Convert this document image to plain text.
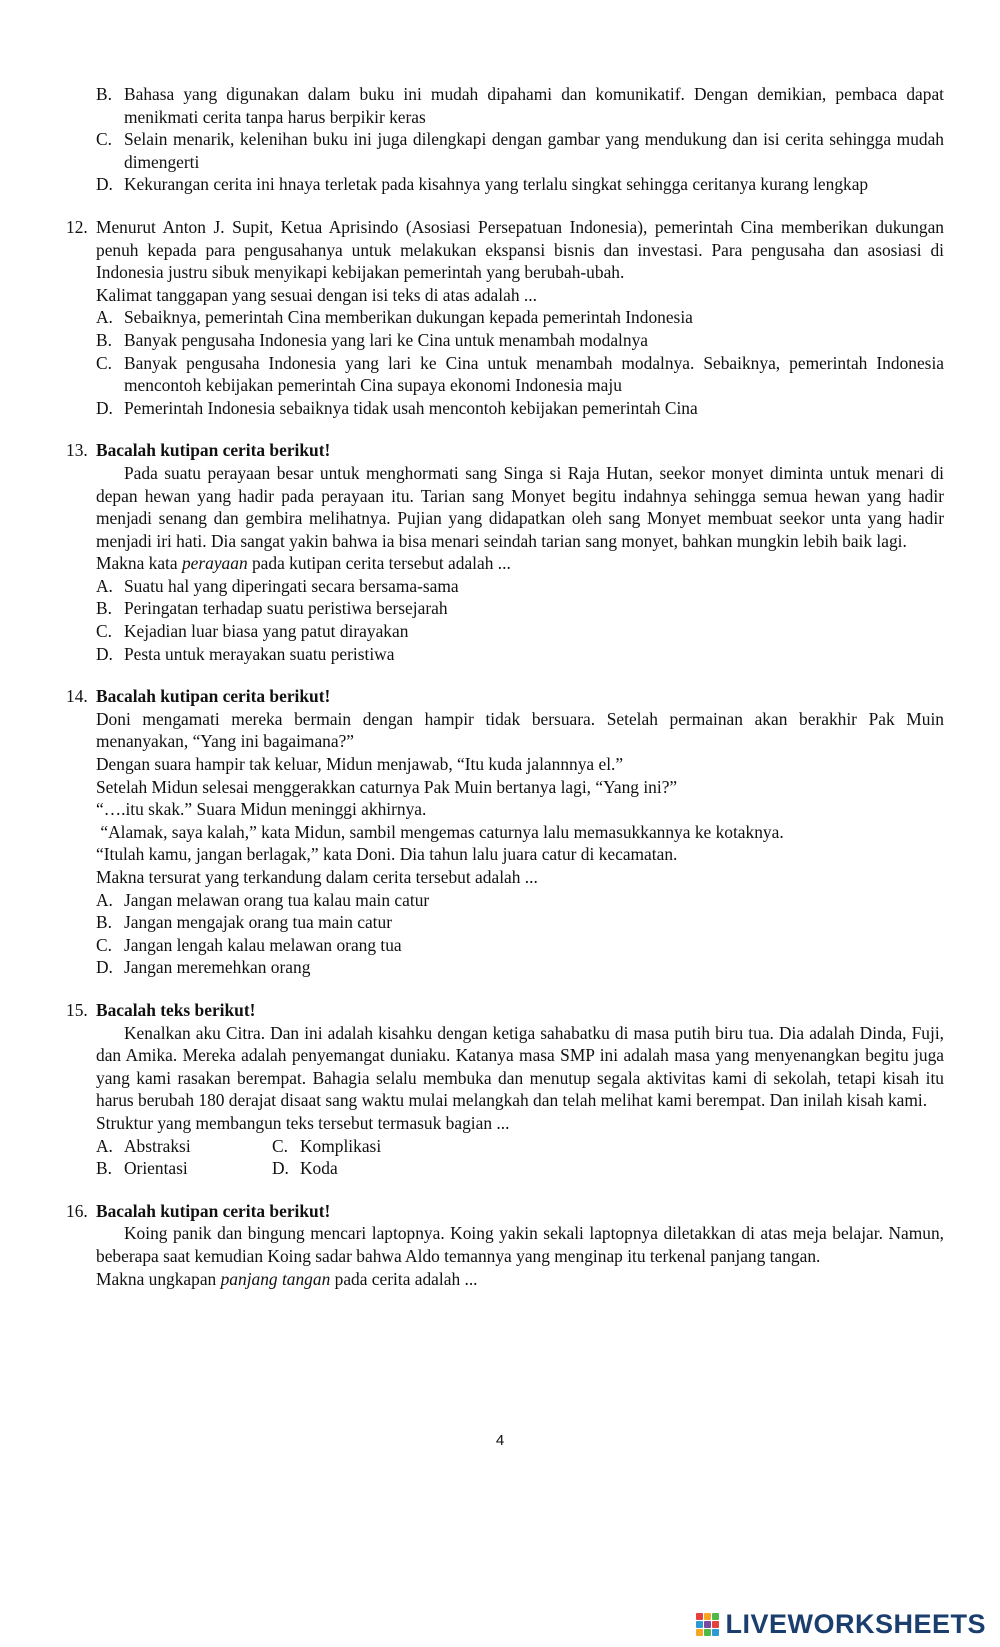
B. Bahasa yang digunakan dalam buku ini mudah dipahami dan komunikatif. Dengan demikian, pembaca dapat menikmati cerita tanpa harus berpikir keras
C. Selain menarik, kelenihan buku ini juga dilengkapi dengan gambar yang mendukung dan isi cerita sehingga mudah dimengerti
D. Kekurangan cerita ini hnaya terletak pada kisahnya yang terlalu singkat sehingga ceritanya kurang lengkap
12. Menurut Anton J. Supit, Ketua Aprisindo (Asosiasi Persepatuan Indonesia), pemerintah Cina memberikan dukungan penuh kepada para pengusahanya untuk melakukan ekspansi bisnis dan investasi. Para pengusaha dan asosiasi di Indonesia justru sibuk menyikapi kebijakan pemerintah yang berubah-ubah.
Kalimat tanggapan yang sesuai dengan isi teks di atas adalah ...
A. Sebaiknya, pemerintah Cina memberikan dukungan kepada pemerintah Indonesia
B. Banyak pengusaha Indonesia yang lari ke Cina untuk menambah modalnya
C. Banyak pengusaha Indonesia yang lari ke Cina untuk menambah modalnya. Sebaiknya, pemerintah Indonesia mencontoh kebijakan pemerintah Cina supaya ekonomi Indonesia maju
D. Pemerintah Indonesia sebaiknya tidak usah mencontoh kebijakan pemerintah Cina
13. Bacalah kutipan cerita berikut!
Pada suatu perayaan besar untuk menghormati sang Singa si Raja Hutan, seekor monyet diminta untuk menari di depan hewan yang hadir pada perayaan itu. Tarian sang Monyet begitu indahnya sehingga semua hewan yang hadir menjadi senang dan gembira melihatnya. Pujian yang didapatkan oleh sang Monyet membuat seekor unta yang hadir menjadi iri hati. Dia sangat yakin bahwa ia bisa menari seindah tarian sang monyet, bahkan mungkin lebih baik lagi.
Makna kata perayaan pada kutipan cerita tersebut adalah ...
A. Suatu hal yang diperingati secara bersama-sama
B. Peringatan terhadap suatu peristiwa bersejarah
C. Kejadian luar biasa yang patut dirayakan
D. Pesta untuk merayakan suatu peristiwa
14. Bacalah kutipan cerita berikut!
Doni mengamati mereka bermain dengan hampir tidak bersuara. Setelah permainan akan berakhir Pak Muin menanyakan, “Yang ini bagaimana?”
Dengan suara hampir tak keluar, Midun menjawab, “Itu kuda jalannnya el.”
Setelah Midun selesai menggerakkan caturnya Pak Muin bertanya lagi, “Yang ini?”
“….itu skak.” Suara Midun meninggi akhirnya.
“Alamak, saya kalah,” kata Midun, sambil mengemas caturnya lalu memasukkannya ke kotaknya.
“Itulah kamu, jangan berlagak,” kata Doni. Dia tahun lalu juara catur di kecamatan.
Makna tersurat yang terkandung dalam cerita tersebut adalah ...
A. Jangan melawan orang tua kalau main catur
B. Jangan mengajak orang tua main catur
C. Jangan lengah kalau melawan orang tua
D. Jangan meremehkan orang
15. Bacalah teks berikut!
Kenalkan aku Citra. Dan ini adalah kisahku dengan ketiga sahabatku di masa putih biru tua. Dia adalah Dinda, Fuji, dan Amika. Mereka adalah penyemangat duniaku. Katanya masa SMP ini adalah masa yang menyenangkan begitu juga yang kami rasakan berempat. Bahagia selalu membuka dan menutup segala aktivitas kami di sekolah, tetapi kisah itu harus berubah 180 derajat disaat sang waktu mulai melangkah dan telah melihat kami berempat. Dan inilah kisah kami.
Struktur yang membangun teks tersebut termasuk bagian ...
A. Abstraksi	C. Komplikasi
B. Orientasi	D. Koda
16. Bacalah kutipan cerita berikut!
Koing panik dan bingung mencari laptopnya. Koing yakin sekali laptopnya diletakkan di atas meja belajar. Namun, beberapa saat kemudian Koing sadar bahwa Aldo temannya yang menginap itu terkenal panjang tangan.
Makna ungkapan panjang tangan pada cerita adalah ...
4
LIVEWORKSHEETS
